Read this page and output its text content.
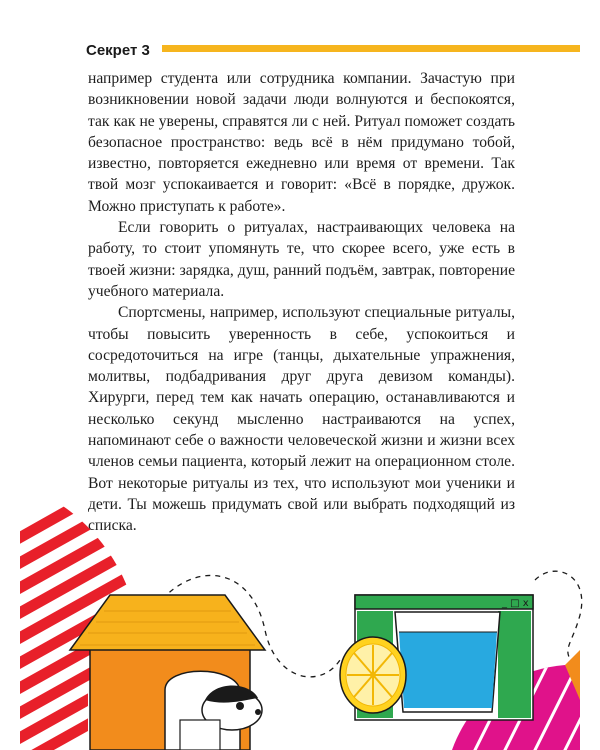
Секрет 3

например студента или сотрудника компании. Зачастую при возникновении новой задачи люди волнуются и беспокоятся, так как не уверены, справятся ли с ней. Ритуал поможет создать безопасное пространство: ведь всё в нём придумано тобой, известно, повторяется ежедневно или время от времени. Так твой мозг успокаивается и говорит: «Всё в порядке, дружок. Можно приступать к работе».

Если говорить о ритуалах, настраивающих человека на работу, то стоит упомянуть те, что скорее всего, уже есть в твоей жизни: зарядка, душ, ранний подъём, завтрак, повторение учебного материала.

Спортсмены, например, используют специальные ритуалы, чтобы повысить уверенность в себе, успокоиться и сосредоточиться на игре (танцы, дыхательные упражнения, молитвы, подбадривания друг друга девизом команды). Хирурги, перед тем как начать операцию, останавливаются и несколько секунд мысленно настраиваются на успех, напоминают себе о важности человеческой жизни и жизни всех членов семьи пациента, который лежит на операционном столе. Вот некоторые ритуалы из тех, что используют мои ученики и дети. Ты можешь придумать свой или выбрать подходящий из списка.

_ □ x
